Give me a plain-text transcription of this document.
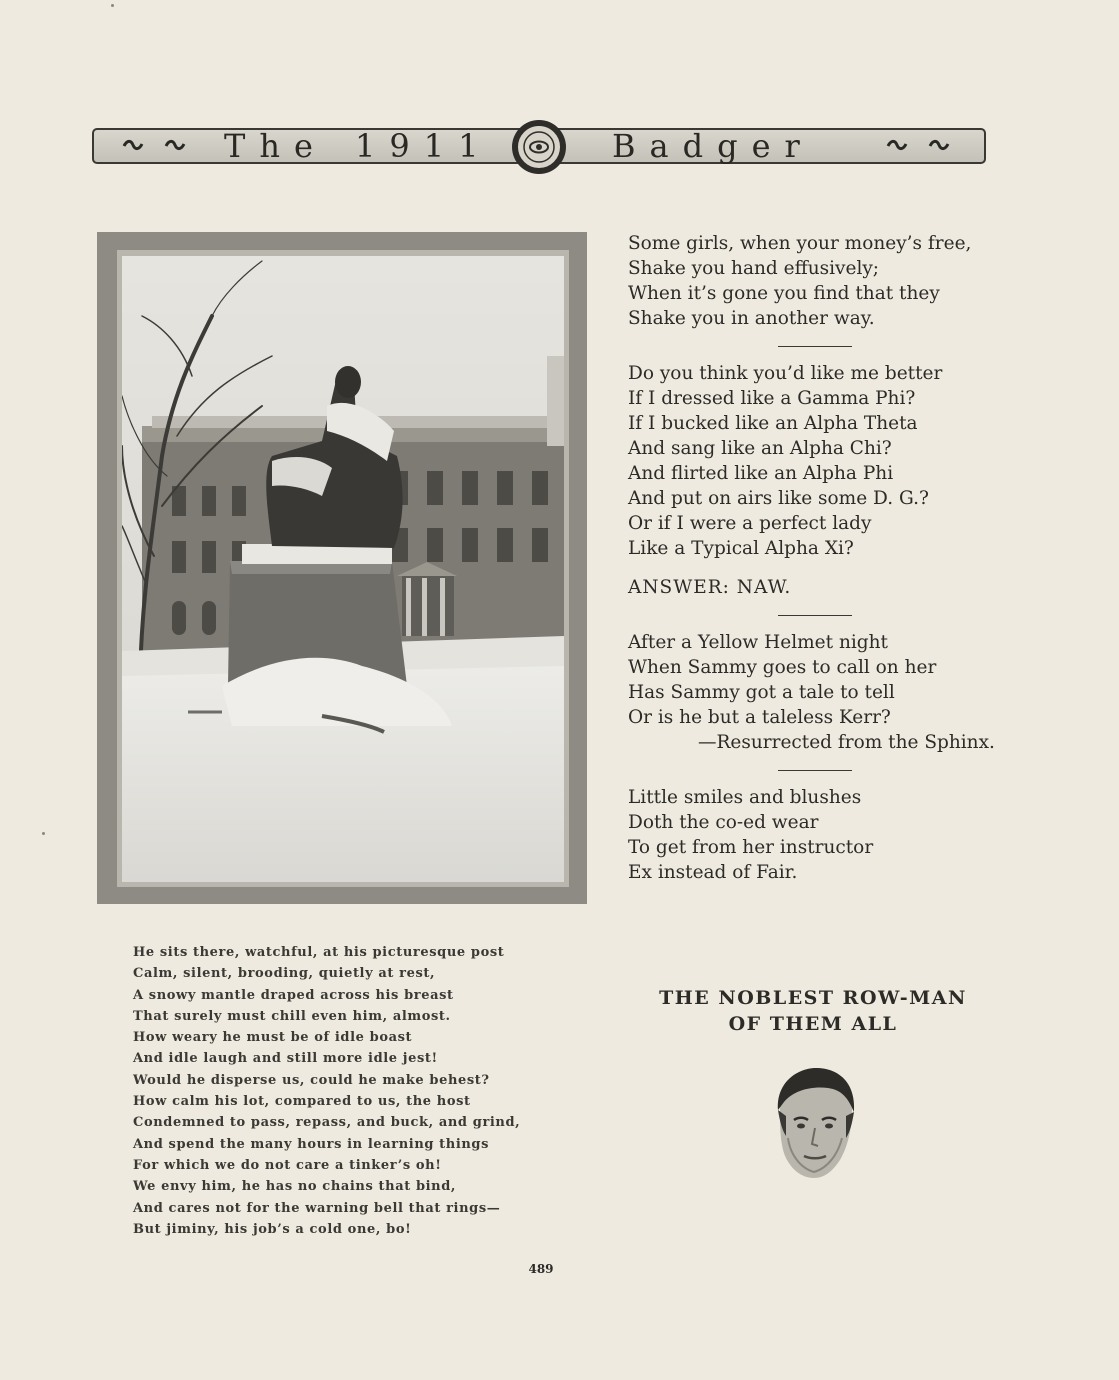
The 1911	Badger
Some girls, when your money’s free,
Shake you hand effusively;
When it’s gone you find that they
Shake you in another way.
Do you think you’d like me better
If I dressed like a Gamma Phi?
If I bucked like an Alpha Theta
And sang like an Alpha Chi?
And flirted like an Alpha Phi
And put on airs like some D. G.?
Or if I were a perfect lady
Like a Typical Alpha Xi?
ANSWER: NAW.
After a Yellow Helmet night
When Sammy goes to call on her
Has Sammy got a tale to tell
Or is he but a taleless Kerr?
—Resurrected from the Sphinx.
Little smiles and blushes
Doth the co-ed wear
To get from her instructor
Ex instead of Fair.
He sits there, watchful, at his picturesque post
Calm, silent, brooding, quietly at rest,
A snowy mantle draped across his breast
That surely must chill even him, almost.
How weary he must be of idle boast
And idle laugh and still more idle jest!
Would he disperse us, could he make behest?
How calm his lot, compared to us, the host
Condemned to pass, repass, and buck, and grind,
And spend the many hours in learning things
For which we do not care a tinker’s oh!
We envy him, he has no chains that bind,
And cares not for the warning bell that rings—
But jiminy, his job’s a cold one, bo!
THE NOBLEST ROW-MAN
OF THEM ALL
489
